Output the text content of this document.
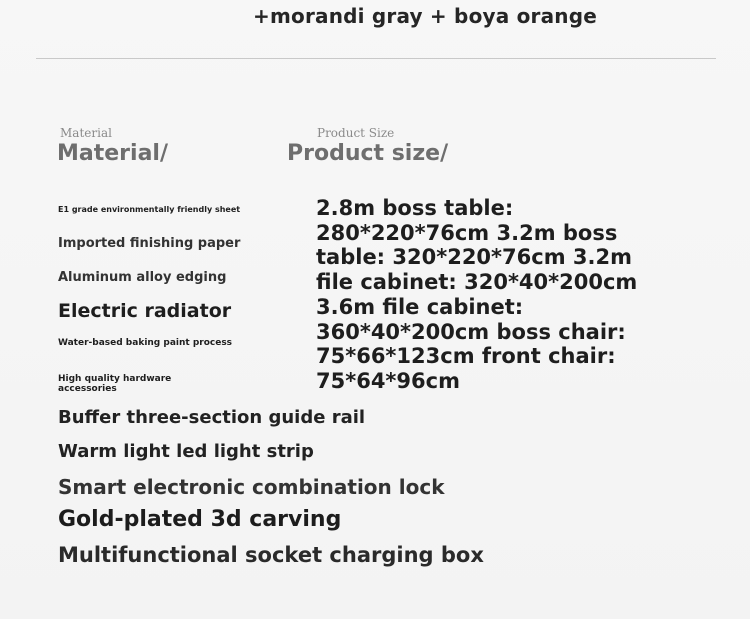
+morandi gray + boya orange
Material
Material/
Product Size
Product size/
E1 grade environmentally friendly sheet
Imported finishing paper
Aluminum alloy edging
Electric radiator
Water-based baking paint process
High quality hardware accessories
2.8m boss table: 280*220*76cm 3.2m boss table: 320*220*76cm 3.2m file cabinet: 320*40*200cm 3.6m file cabinet: 360*40*200cm boss chair: 75*66*123cm front chair: 75*64*96cm
Buffer three-section guide rail
Warm light led light strip
Smart electronic combination lock
Gold-plated 3d carving
Multifunctional socket charging box
